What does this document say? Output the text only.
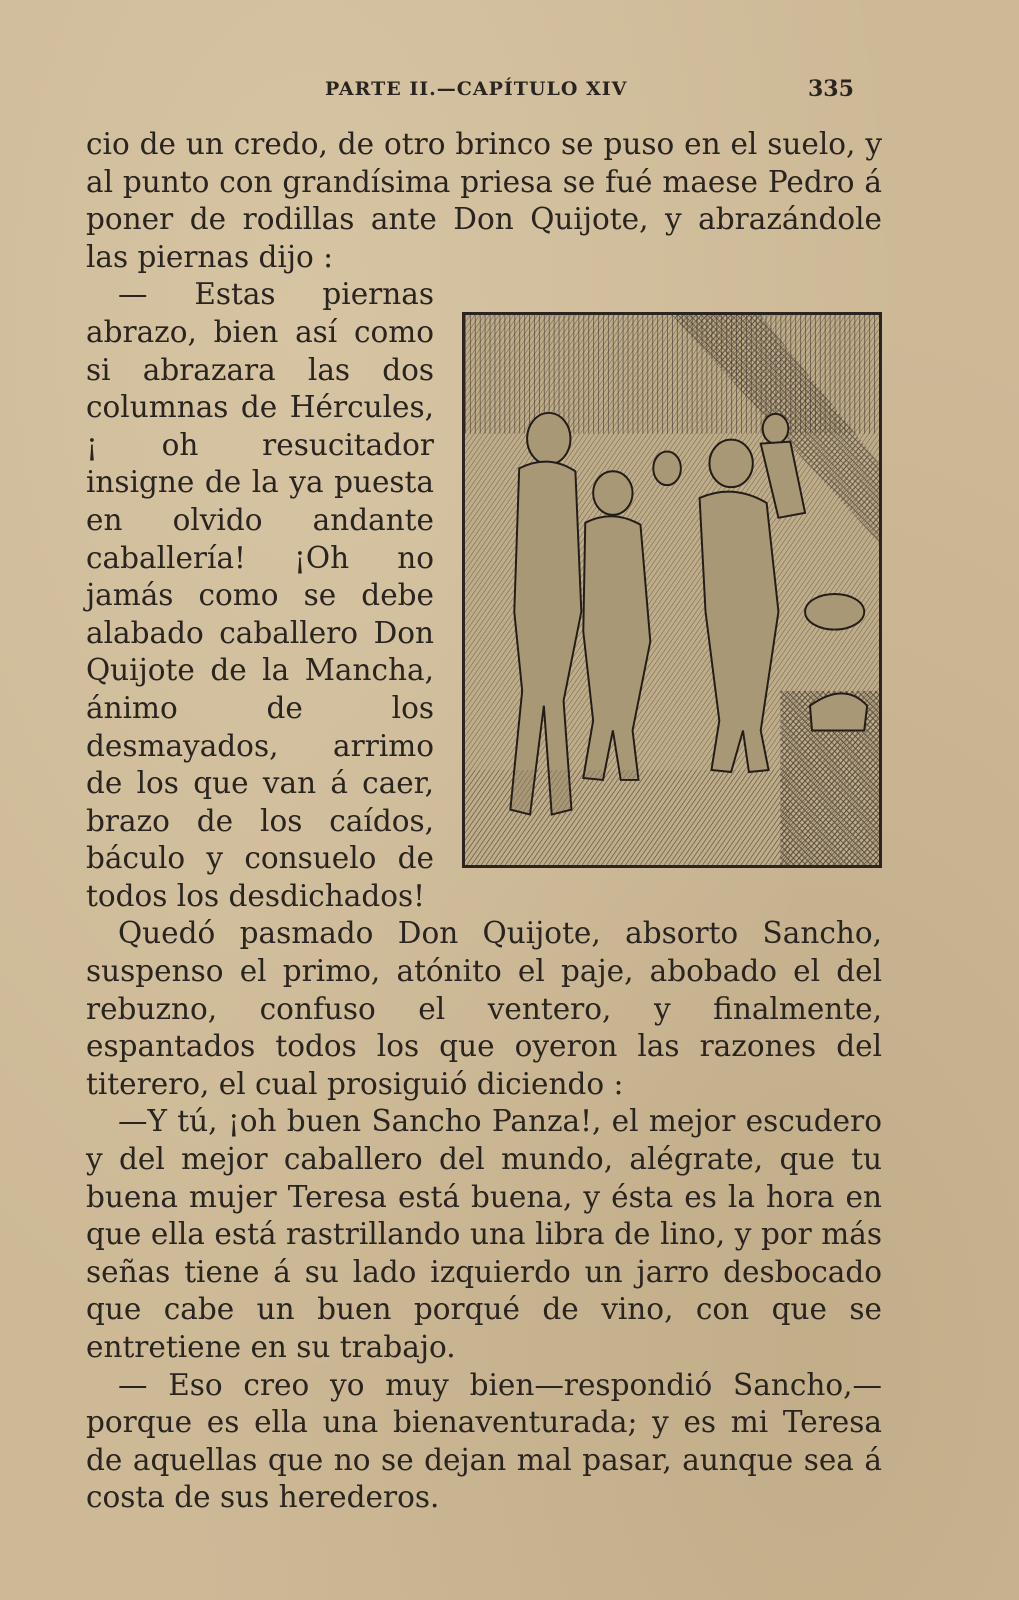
PARTE II.—CAPÍTULO XIV	335

cio de un credo, de otro brinco se puso en el suelo, y al punto con grandísima priesa se fué maese Pedro á poner de rodillas ante Don Quijote, y abrazándole las piernas dijo :

— Estas piernas abrazo, bien así como si abrazara las dos columnas de Hércules, ¡ oh resucitador insigne de la ya puesta en olvido andante caballería! ¡Oh no jamás como se debe alabado caballero Don Quijote de la Mancha, ánimo de los desmayados, arrimo de los que van á caer, brazo de los caídos, báculo y consuelo de todos los desdichados!

Quedó pasmado Don Quijote, absorto Sancho, suspenso el primo, atónito el paje, abobado el del rebuzno, confuso el ventero, y finalmente, espantados todos los que oyeron las razones del titerero, el cual prosiguió diciendo :

—Y tú, ¡oh buen Sancho Panza!, el mejor escudero y del mejor caballero del mundo, alégrate, que tu buena mujer Teresa está buena, y ésta es la hora en que ella está rastrillando una libra de lino, y por más señas tiene á su lado izquierdo un jarro desbocado que cabe un buen porqué de vino, con que se entretiene en su trabajo.

— Eso creo yo muy bien—respondió Sancho,—porque es ella una bienaventurada; y es mi Teresa de aquellas que no se dejan mal pasar, aunque sea á costa de sus herederos.
